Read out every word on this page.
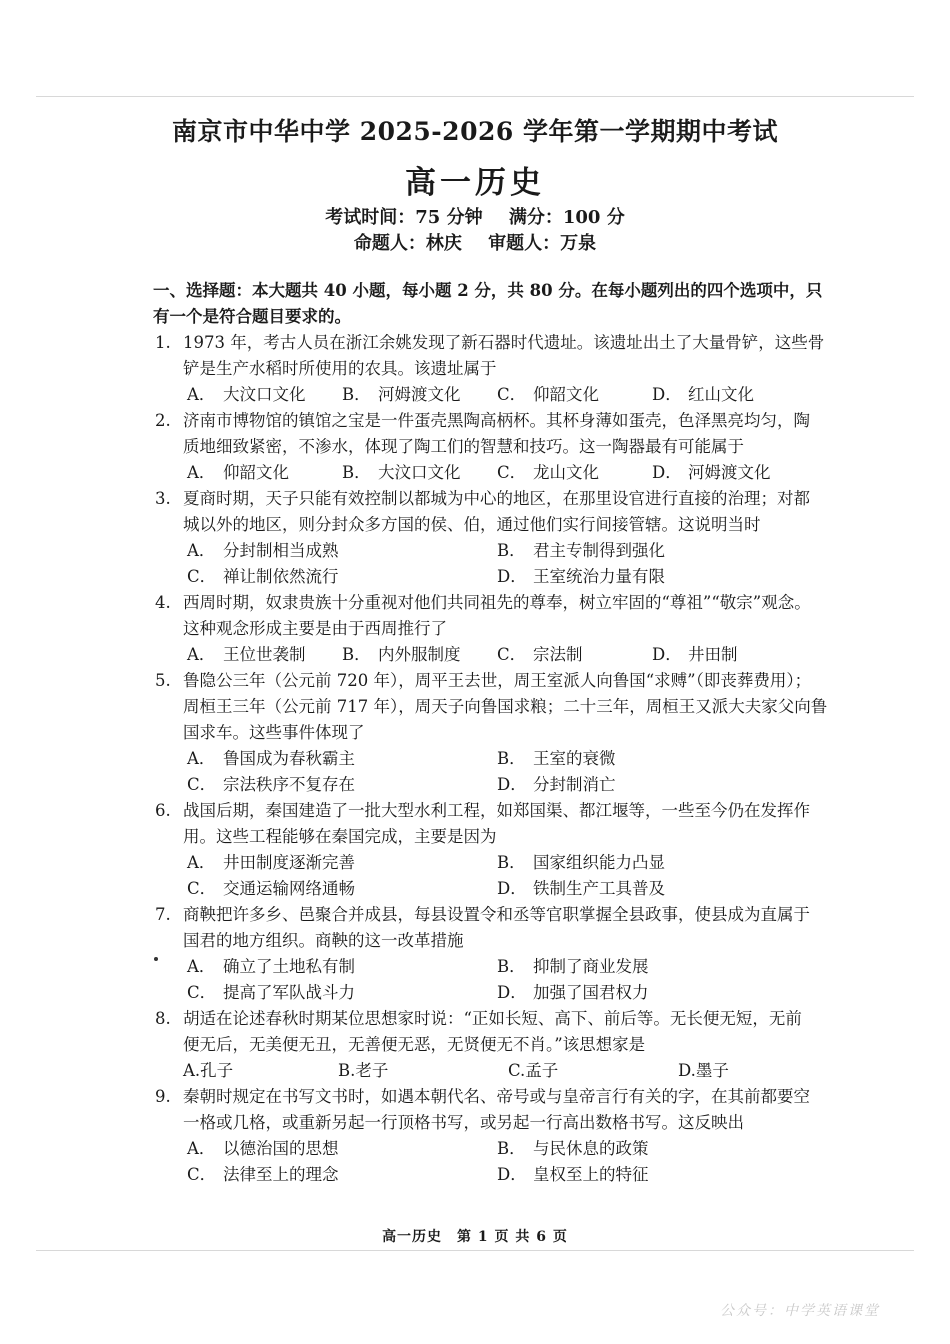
南京市中华中学 2025-2026 学年第一学期期中考试
高一历史
考试时间：75 分钟 满分：100 分
命题人：林庆 审题人：万泉
一、选择题：本大题共 40 小题，每小题 2 分，共 80 分。在每小题列出的四个选项中，只
有一个是符合题目要求的。
1. 1973 年，考古人员在浙江余姚发现了新石器时代遗址。该遗址出土了大量骨铲，这些骨
铲是生产水稻时所使用的农具。该遗址属于
A． 大汶口文化	B． 河姆渡文化	C． 仰韶文化	D． 红山文化
2. 济南市博物馆的镇馆之宝是一件蛋壳黑陶高柄杯。其杯身薄如蛋壳，色泽黑亮均匀，陶
质地细致紧密，不渗水，体现了陶工们的智慧和技巧。这一陶器最有可能属于
A． 仰韶文化	B． 大汶口文化	C． 龙山文化	D． 河姆渡文化
3. 夏商时期，天子只能有效控制以都城为中心的地区，在那里设官进行直接的治理；对都
城以外的地区，则分封众多方国的侯、伯，通过他们实行间接管辖。这说明当时
A． 分封制相当成熟	B． 君主专制得到强化
C． 禅让制依然流行	D． 王室统治力量有限
4. 西周时期，奴隶贵族十分重视对他们共同祖先的尊奉，树立牢固的“尊祖”“敬宗”观念。
这种观念形成主要是由于西周推行了
A． 王位世袭制	B． 内外服制度	C． 宗法制	D． 井田制
5. 鲁隐公三年（公元前 720 年），周平王去世，周王室派人向鲁国“求赙”（即丧葬费用）；
周桓王三年（公元前 717 年），周天子向鲁国求粮；二十三年，周桓王又派大夫家父向鲁
国求车。这些事件体现了
A． 鲁国成为春秋霸主	B． 王室的衰微
C． 宗法秩序不复存在	D． 分封制消亡
6. 战国后期，秦国建造了一批大型水利工程，如郑国渠、都江堰等，一些至今仍在发挥作
用。这些工程能够在秦国完成，主要是因为
A． 井田制度逐渐完善	B． 国家组织能力凸显
C． 交通运输网络通畅	D． 铁制生产工具普及
7. 商鞅把许多乡、邑聚合并成县，每县设置令和丞等官职掌握全县政事，使县成为直属于
国君的地方组织。商鞅的这一改革措施
A． 确立了土地私有制	B． 抑制了商业发展
C． 提高了军队战斗力	D． 加强了国君权力
8. 胡适在论述春秋时期某位思想家时说：“正如长短、高下、前后等。无长便无短，无前
便无后，无美便无丑，无善便无恶，无贤便无不肖。”该思想家是
A.孔子	B.老子	C.孟子	D.墨子
9. 秦朝时规定在书写文书时，如遇本朝代名、帝号或与皇帝言行有关的字，在其前都要空
一格或几格，或重新另起一行顶格书写，或另起一行高出数格书写。这反映出
A． 以德治国的思想	B． 与民休息的政策
C． 法律至上的理念	D． 皇权至上的特征
高一历史　第 1 页 共 6 页
公众号：中学英语课堂
